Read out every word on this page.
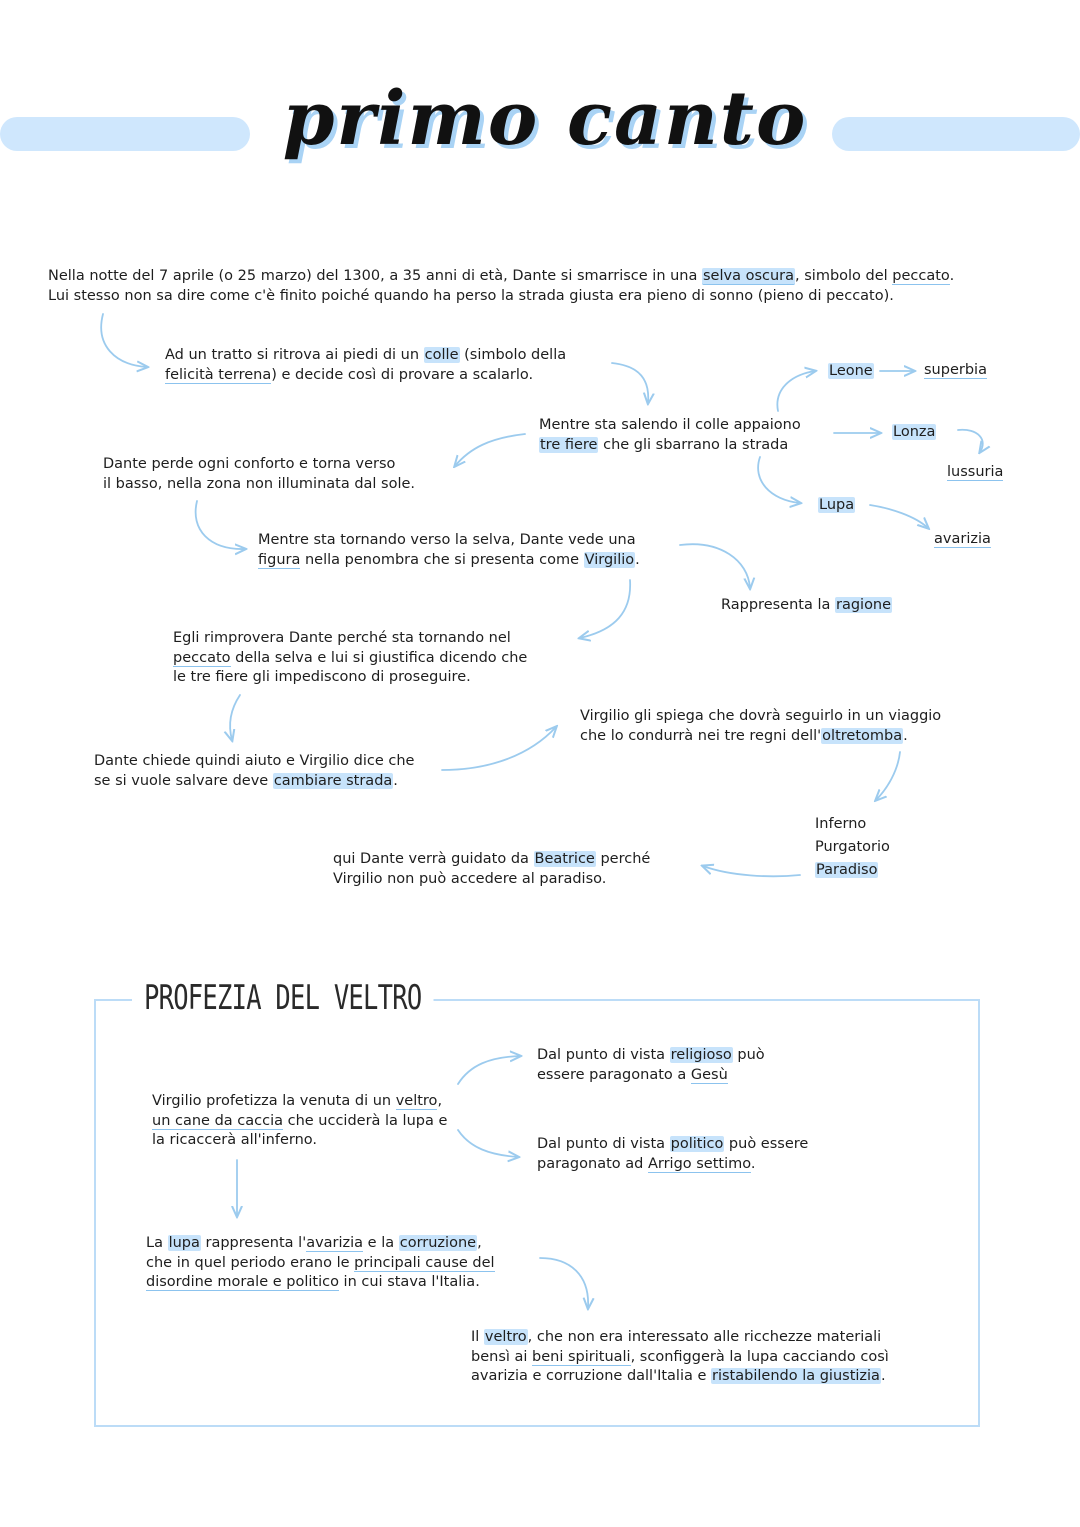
primo canto
Nella notte del 7 aprile (o 25 marzo) del 1300, a 35 anni di età, Dante si smarrisce in una selva oscura, simbolo del peccato.
Lui stesso non sa dire come c'è finito poiché quando ha perso la strada giusta era pieno di sonno (pieno di peccato).
Ad un tratto si ritrova ai piedi di un colle (simbolo della
felicità terrena) e decide così di provare a scalarlo.
Mentre sta salendo il colle appaiono
tre fiere che gli sbarrano la strada
Leone	superbia
Lonza
lussuria
Lupa
avarizia
Dante perde ogni conforto e torna verso
il basso, nella zona non illuminata dal sole.
Mentre sta tornando verso la selva, Dante vede una
figura nella penombra che si presenta come Virgilio.
Rappresenta la ragione
Egli rimprovera Dante perché sta tornando nel
peccato della selva e lui si giustifica dicendo che
le tre fiere gli impediscono di proseguire.
Virgilio gli spiega che dovrà seguirlo in un viaggio
che lo condurrà nei tre regni dell'oltretomba.
Dante chiede quindi aiuto e Virgilio dice che
se si vuole salvare deve cambiare strada.
Inferno
Purgatorio
Paradiso
qui Dante verrà guidato da Beatrice perché
Virgilio non può accedere al paradiso.
PROFEZIA DEL VELTRO
Virgilio profetizza la venuta di un veltro,
un cane da caccia che ucciderà la lupa e
la ricaccerà all'inferno.
Dal punto di vista religioso può
essere paragonato a Gesù
Dal punto di vista politico può essere
paragonato ad Arrigo settimo.
La lupa rappresenta l'avarizia e la corruzione,
che in quel periodo erano le principali cause del
disordine morale e politico in cui stava l'Italia.
Il veltro, che non era interessato alle ricchezze materiali
bensì ai beni spirituali, sconfiggerà la lupa cacciando così
avarizia e corruzione dall'Italia e ristabilendo la giustizia.
